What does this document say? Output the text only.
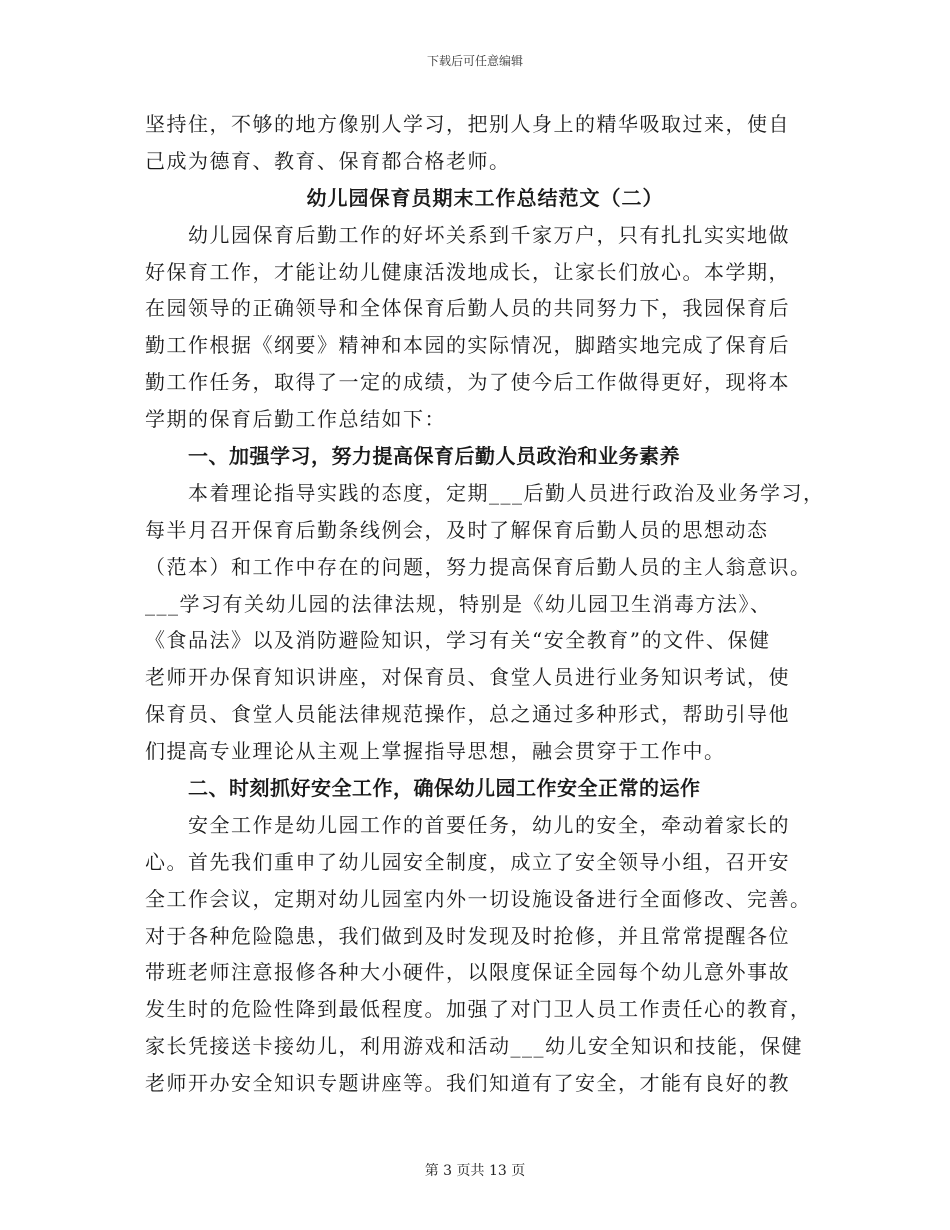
下载后可任意编辑
坚持住，不够的地方像别人学习，把别人身上的精华吸取过来，使自
己成为德育、教育、保育都合格老师。
幼儿园保育员期末工作总结范文（二）
幼儿园保育后勤工作的好坏关系到千家万户，只有扎扎实实地做
好保育工作，才能让幼儿健康活泼地成长，让家长们放心。本学期，
在园领导的正确领导和全体保育后勤人员的共同努力下，我园保育后
勤工作根据《纲要》精神和本园的实际情况，脚踏实地完成了保育后
勤工作任务，取得了一定的成绩，为了使今后工作做得更好，现将本
学期的保育后勤工作总结如下：
一、加强学习，努力提高保育后勤人员政治和业务素养
本着理论指导实践的态度，定期___后勤人员进行政治及业务学习，
每半月召开保育后勤条线例会，及时了解保育后勤人员的思想动态
（范本）和工作中存在的问题，努力提高保育后勤人员的主人翁意识。
___学习有关幼儿园的法律法规，特别是《幼儿园卫生消毒方法》、
《食品法》以及消防避险知识，学习有关“安全教育”的文件、保健
老师开办保育知识讲座，对保育员、食堂人员进行业务知识考试，使
保育员、食堂人员能法律规范操作，总之通过多种形式，帮助引导他
们提高专业理论从主观上掌握指导思想，融会贯穿于工作中。
二、时刻抓好安全工作，确保幼儿园工作安全正常的运作
安全工作是幼儿园工作的首要任务，幼儿的安全，牵动着家长的
心。首先我们重申了幼儿园安全制度，成立了安全领导小组，召开安
全工作会议，定期对幼儿园室内外一切设施设备进行全面修改、完善。
对于各种危险隐患，我们做到及时发现及时抢修，并且常常提醒各位
带班老师注意报修各种大小硬件，以限度保证全园每个幼儿意外事故
发生时的危险性降到最低程度。加强了对门卫人员工作责任心的教育，
家长凭接送卡接幼儿，利用游戏和活动___幼儿安全知识和技能，保健
老师开办安全知识专题讲座等。我们知道有了安全，才能有良好的教
第 3 页共 13 页
